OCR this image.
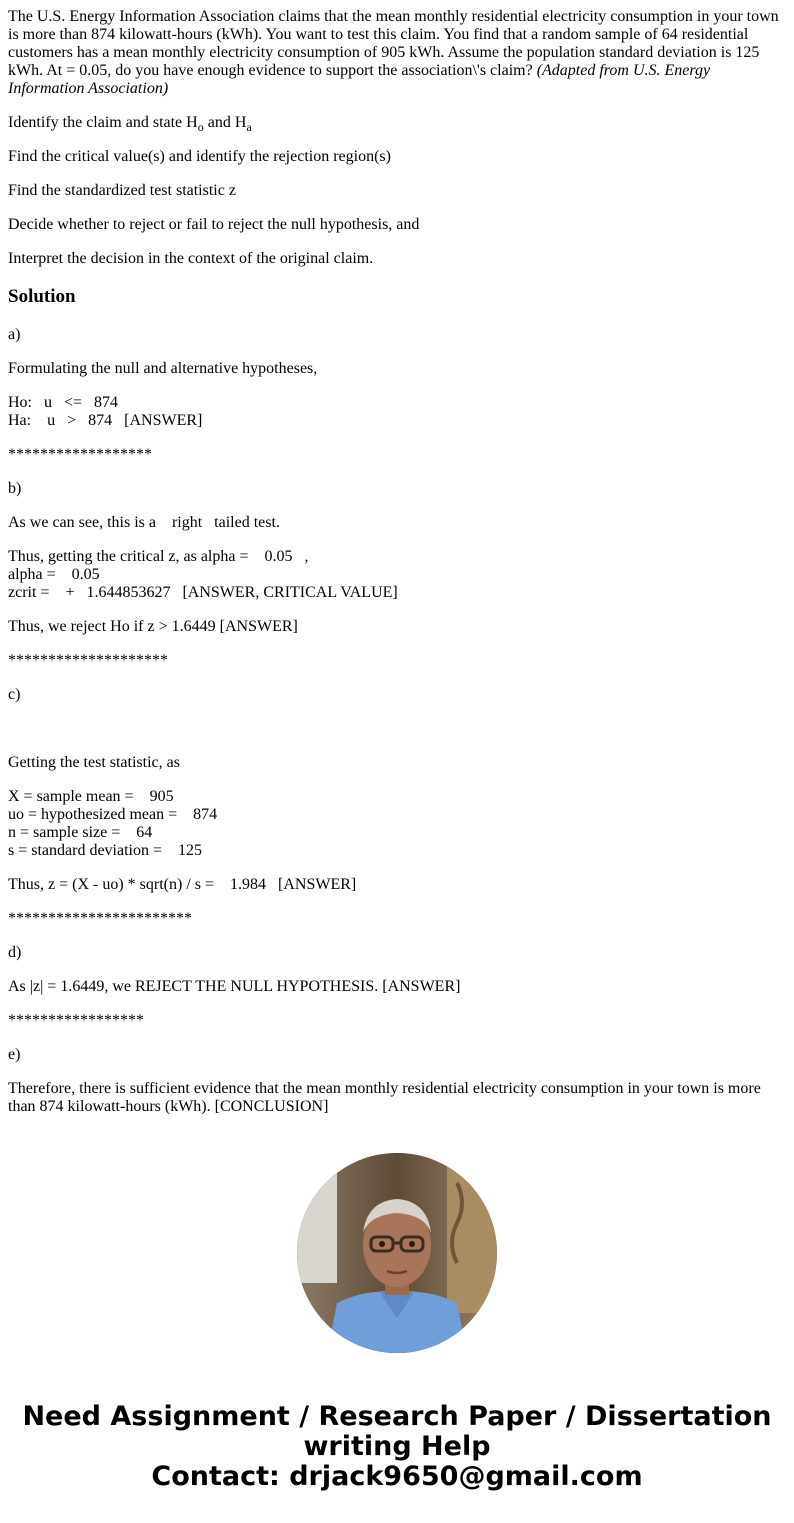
The U.S. Energy Information Association claims that the mean monthly residential electricity consumption in your town is more than 874 kilowatt-hours (kWh). You want to test this claim. You find that a random sample of 64 residential customers has a mean monthly electricity consumption of 905 kWh. Assume the population standard deviation is 125 kWh. At = 0.05, do you have enough evidence to support the association\'s claim? (Adapted from U.S. Energy Information Association)

Identify the claim and state $H_o$ and $H_a$

Find the critical value(s) and identify the rejection region(s)

Find the standardized test statistic z

Decide whether to reject or fail to reject the null hypothesis, and

Interpret the decision in the context of the original claim.

Solution

a)

Formulating the null and alternative hypotheses,

Ho:   u   <=   874
Ha:    u   >   874   [ANSWER]

******************

b)

As we can see, this is a    right   tailed test.

Thus, getting the critical z, as alpha =    0.05   ,
alpha =    0.05
zcrit =    +   1.644853627   [ANSWER, CRITICAL VALUE]

Thus, we reject Ho if z > 1.6449 [ANSWER]

********************

c)

Getting the test statistic, as

X = sample mean =    905
uo = hypothesized mean =    874
n = sample size =    64
s = standard deviation =    125

Thus, z = (X - uo) * sqrt(n) / s =    1.984   [ANSWER]

***********************

d)

As |z| = 1.6449, we REJECT THE NULL HYPOTHESIS. [ANSWER]

*****************

e)

Therefore, there is sufficient evidence that the mean monthly residential electricity consumption in your town is more than 874 kilowatt-hours (kWh). [CONCLUSION]

Need Assignment / Research Paper / Dissertation
writing Help
Contact: drjack9650@gmail.com
